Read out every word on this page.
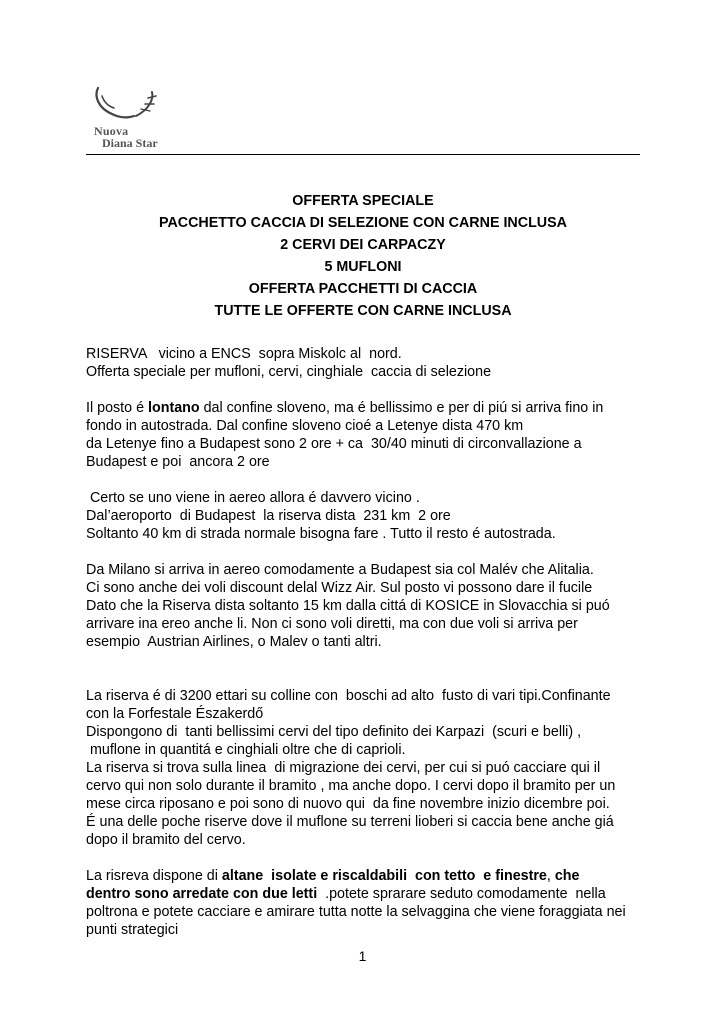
Nuova
Diana Star
OFFERTA SPECIALE
PACCHETTO CACCIA DI SELEZIONE CON CARNE INCLUSA
2 CERVI DEI CARPACZY
5 MUFLONI
OFFERTA PACCHETTI DI CACCIA
TUTTE LE OFFERTE CON CARNE INCLUSA
RISERVA   vicino a ENCS  sopra Miskolc al  nord.
Offerta speciale per mufloni, cervi, cinghiale  caccia di selezione
Il posto é lontano dal confine sloveno, ma é bellissimo e per di piú si arriva fino in
fondo in autostrada. Dal confine sloveno cioé a Letenye dista 470 km
da Letenye fino a Budapest sono 2 ore + ca  30/40 minuti di circonvallazione a
Budapest e poi  ancora 2 ore
Certo se uno viene in aereo allora é davvero vicino .
Dal’aeroporto  di Budapest  la riserva dista  231 km  2 ore
Soltanto 40 km di strada normale bisogna fare . Tutto il resto é autostrada.
Da Milano si arriva in aereo comodamente a Budapest sia col Malév che Alitalia.
Ci sono anche dei voli discount delal Wizz Air. Sul posto vi possono dare il fucile
Dato che la Riserva dista soltanto 15 km dalla cittá di KOSICE in Slovacchia si puó
arrivare ina ereo anche li. Non ci sono voli diretti, ma con due voli si arriva per
esempio  Austrian Airlines, o Malev o tanti altri.
La riserva é di 3200 ettari su colline con  boschi ad alto  fusto di vari tipi.Confinante
con la Forfestale Északerdő
Dispongono di  tanti bellissimi cervi del tipo definito dei Karpazi  (scuri e belli) ,
muflone in quantitá e cinghiali oltre che di caprioli.
La riserva si trova sulla linea  di migrazione dei cervi, per cui si puó cacciare qui il
cervo qui non solo durante il bramito , ma anche dopo. I cervi dopo il bramito per un
mese circa riposano e poi sono di nuovo qui  da fine novembre inizio dicembre poi.
É una delle poche riserve dove il muflone su terreni lioberi si caccia bene anche giá
dopo il bramito del cervo.
La risreva dispone di altane  isolate e riscaldabili  con tetto  e finestre, che
dentro sono arredate con due letti  .potete sprarare seduto comodamente  nella
poltrona e potete cacciare e amirare tutta notte la selvaggina che viene foraggiata nei
punti strategici
1
